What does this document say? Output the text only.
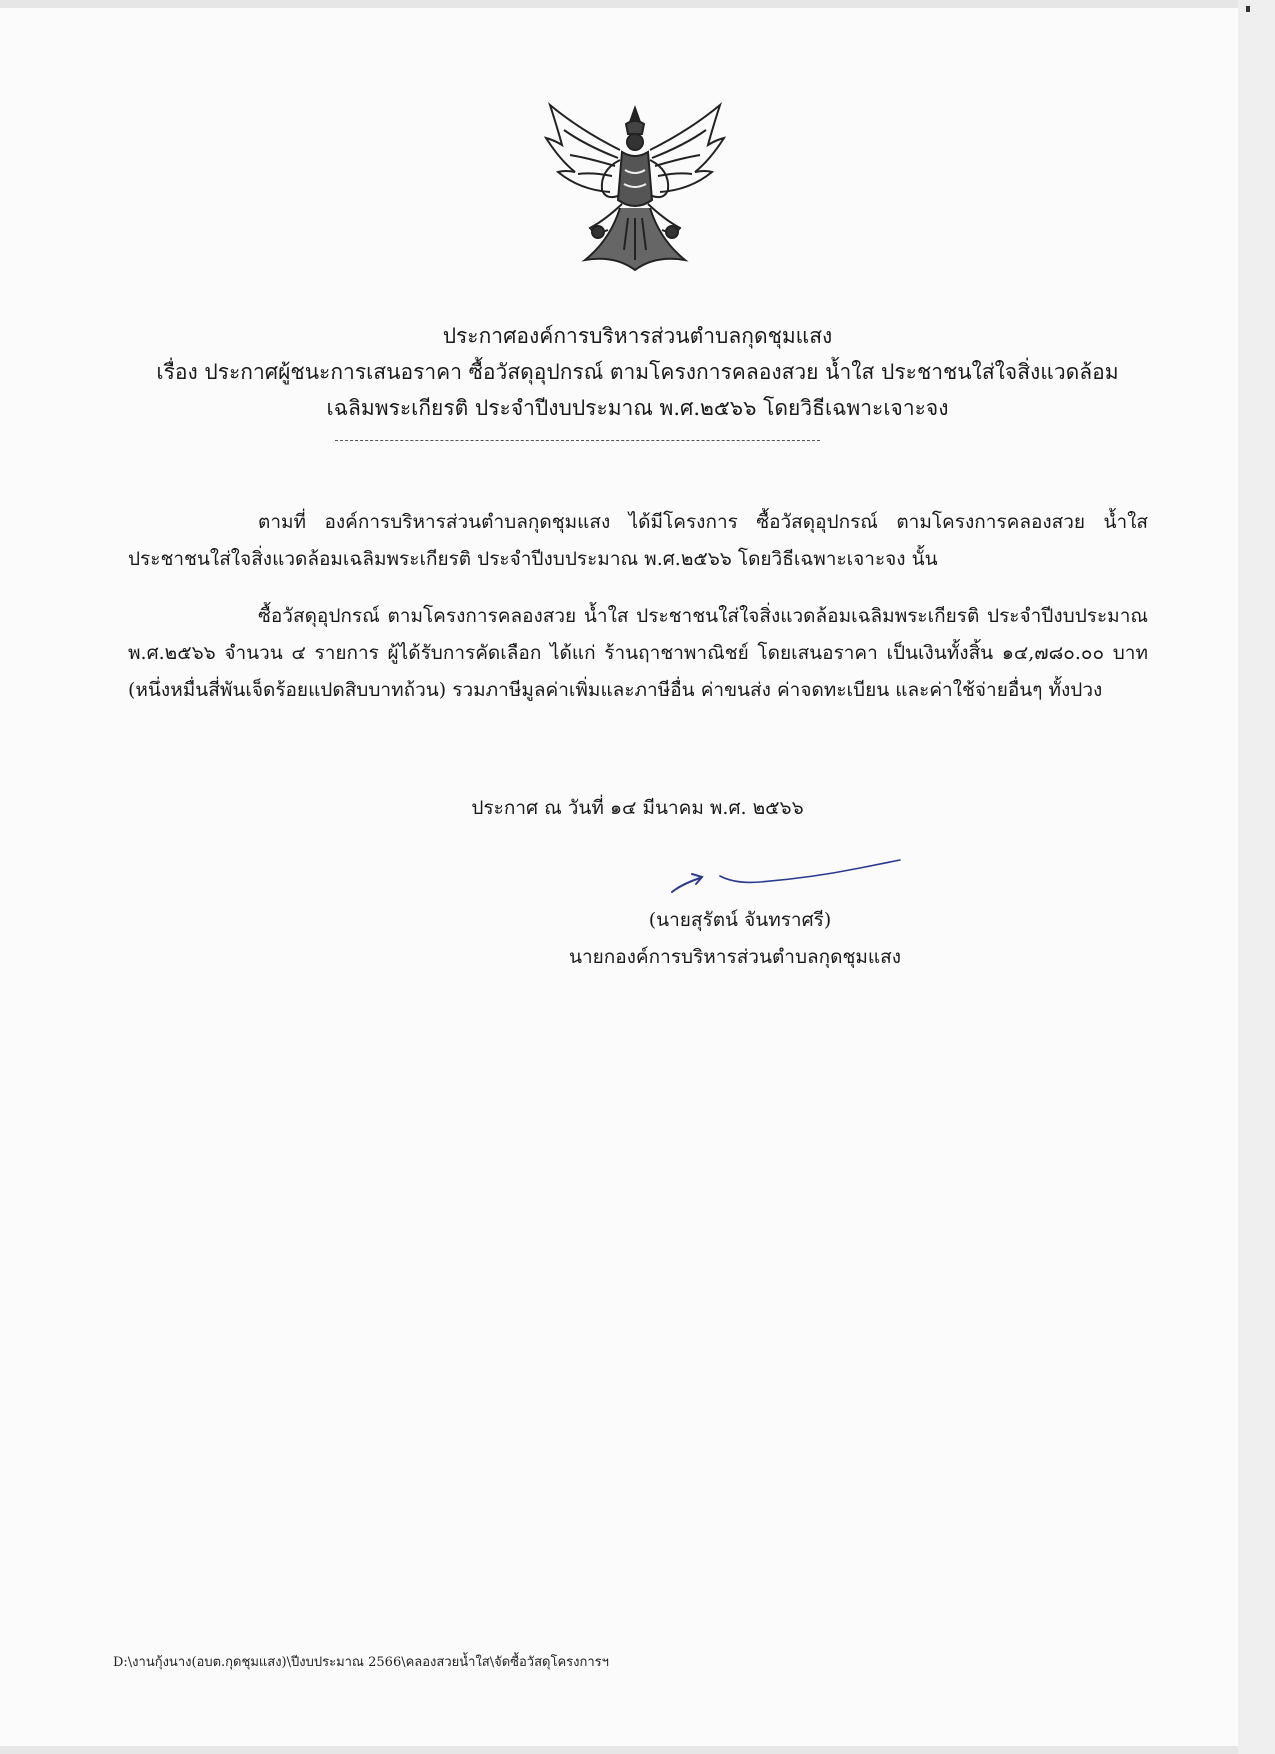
ประกาศองค์การบริหารส่วนตำบลกุดชุมแสง
เรื่อง ประกาศผู้ชนะการเสนอราคา ซื้อวัสดุอุปกรณ์ ตามโครงการคลองสวย น้ำใส ประชาชนใส่ใจสิ่งแวดล้อม
เฉลิมพระเกียรติ ประจำปีงบประมาณ พ.ศ.๒๕๖๖ โดยวิธีเฉพาะเจาะจง
ตามที่ องค์การบริหารส่วนตำบลกุดชุมแสง ได้มีโครงการ ซื้อวัสดุอุปกรณ์ ตามโครงการคลองสวย น้ำใส ประชาชนใส่ใจสิ่งแวดล้อมเฉลิมพระเกียรติ ประจำปีงบประมาณ พ.ศ.๒๕๖๖ โดยวิธีเฉพาะเจาะจง นั้น
ซื้อวัสดุอุปกรณ์ ตามโครงการคลองสวย น้ำใส ประชาชนใส่ใจสิ่งแวดล้อมเฉลิมพระเกียรติ ประจำปีงบประมาณ พ.ศ.๒๕๖๖ จำนวน ๔ รายการ ผู้ได้รับการคัดเลือก ได้แก่ ร้านฤาชาพาณิชย์ โดยเสนอราคา เป็นเงินทั้งสิ้น ๑๔,๗๘๐.๐๐ บาท (หนึ่งหมื่นสี่พันเจ็ดร้อยแปดสิบบาทถ้วน) รวมภาษีมูลค่าเพิ่มและภาษีอื่น ค่าขนส่ง ค่าจดทะเบียน และค่าใช้จ่ายอื่นๆ ทั้งปวง
ประกาศ ณ วันที่ ๑๔ มีนาคม พ.ศ. ๒๕๖๖
(นายสุรัตน์ จันทราศรี)
นายกองค์การบริหารส่วนตำบลกุดชุมแสง
D:\งานกุ้งนาง(อบต.กุดชุมแสง)\ปีงบประมาณ 2566\คลองสวยน้ำใส\จัดซื้อวัสดุโครงการฯ
